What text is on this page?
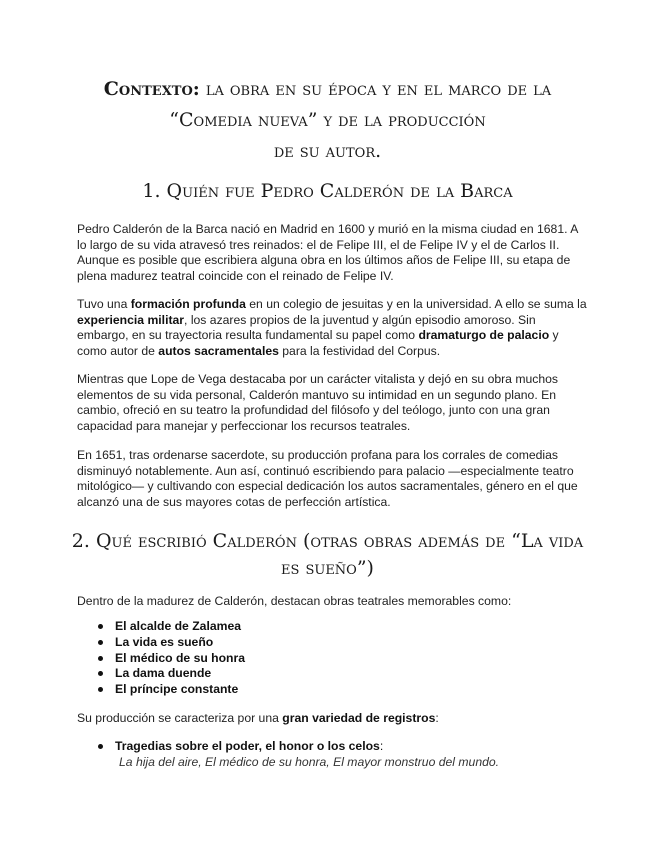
Contexto: la obra en su época y en el marco de la
“Comedia nueva” y de la producción
de su autor.
1. Quién fue Pedro Calderón de la Barca

Pedro Calderón de la Barca nació en Madrid en 1600 y murió en la misma ciudad en 1681. A lo largo de su vida atravesó tres reinados: el de Felipe III, el de Felipe IV y el de Carlos II. Aunque es posible que escribiera alguna obra en los últimos años de Felipe III, su etapa de plena madurez teatral coincide con el reinado de Felipe IV.

Tuvo una formación profunda en un colegio de jesuitas y en la universidad. A ello se suma la experiencia militar, los azares propios de la juventud y algún episodio amoroso. Sin embargo, en su trayectoria resulta fundamental su papel como dramaturgo de palacio y como autor de autos sacramentales para la festividad del Corpus.

Mientras que Lope de Vega destacaba por un carácter vitalista y dejó en su obra muchos elementos de su vida personal, Calderón mantuvo su intimidad en un segundo plano. En cambio, ofreció en su teatro la profundidad del filósofo y del teólogo, junto con una gran capacidad para manejar y perfeccionar los recursos teatrales.

En 1651, tras ordenarse sacerdote, su producción profana para los corrales de comedias disminuyó notablemente. Aun así, continuó escribiendo para palacio —especialmente teatro mitológico— y cultivando con especial dedicación los autos sacramentales, género en el que alcanzó una de sus mayores cotas de perfección artística.

2. Qué escribió Calderón (otras obras además de “La vida es sueño”)

Dentro de la madurez de Calderón, destacan obras teatrales memorables como:

El alcalde de Zalamea
La vida es sueño
El médico de su honra
La dama duende
El príncipe constante

Su producción se caracteriza por una gran variedad de registros:

Tragedias sobre el poder, el honor o los celos:
La hija del aire, El médico de su honra, El mayor monstruo del mundo.
